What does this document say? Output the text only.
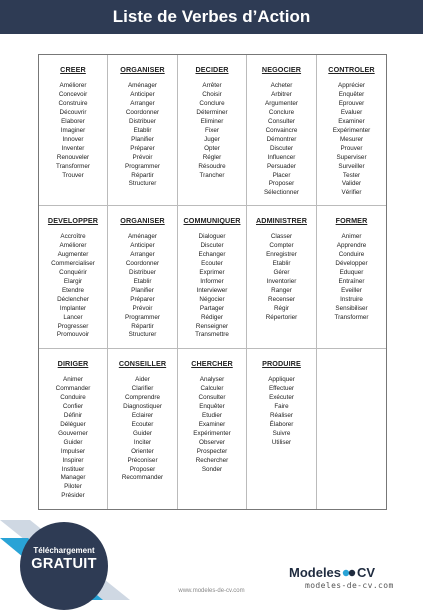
Liste de Verbes d’Action
CREER
Améliorer
Concevoir
Construire
Découvrir
Elaborer
Imaginer
Innover
Inventer
Renouveler
Transformer
Trouver
ORGANISER
Aménager
Anticiper
Arranger
Coordonner
Distribuer
Etablir
Planifier
Préparer
Prévoir
Programmer
Répartir
Structurer
DECIDER
Arrêter
Choisir
Conclure
Déterminer
Eliminer
Fixer
Juger
Opter
Régler
Résoudre
Trancher
NEGOCIER
Acheter
Arbitrer
Argumenter
Conclure
Consulter
Convaincre
Démontrer
Discuter
Influencer
Persuader
Placer
Proposer
Sélectionner
CONTROLER
Apprécier
Enquêter
Eprouver
Evaluer
Examiner
Expérimenter
Mesurer
Prouver
Superviser
Surveiller
Tester
Valider
Vérifier
DEVELOPPER
Accroître
Améliorer
Augmenter
Commercialiser
Conquérir
Elargir
Etendre
Déclencher
Implanter
Lancer
Progresser
Promouvoir
ORGANISER
Aménager
Anticiper
Arranger
Coordonner
Distribuer
Etablir
Planifier
Préparer
Prévoir
Programmer
Répartir
Structurer
COMMUNIQUER
Dialoguer
Discuter
Echanger
Ecouter
Exprimer
Informer
Interviewer
Négocier
Partager
Rédiger
Renseigner
Transmettre
ADMINISTRER
Classer
Compter
Enregistrer
Etablir
Gérer
Inventorier
Ranger
Recenser
Régir
Répertorier
FORMER
Animer
Apprendre
Conduire
Développer
Eduquer
Entraîner
Eveiller
Instruire
Sensibiliser
Transformer
DIRIGER
Animer
Commander
Conduire
Confier
Définir
Déléguer
Gouverner
Guider
Impulser
Inspirer
Instituer
Manager
Piloter
Présider
CONSEILLER
Aider
Clarifier
Comprendre
Diagnostiquer
Eclairer
Ecouter
Guider
Inciter
Orienter
Préconiser
Proposer
Recommander
CHERCHER
Analyser
Calculer
Consulter
Enquêter
Etudier
Examiner
Expérimenter
Observer
Prospecter
Rechercher
Sonder
PRODUIRE
Appliquer
Effectuer
Exécuter
Faire
Réaliser
Élaborer
Suivre
Utiliser
Téléchargement
GRATUIT
www.modeles-de-cv.com
Modeles CV
modeles-de-cv.com
